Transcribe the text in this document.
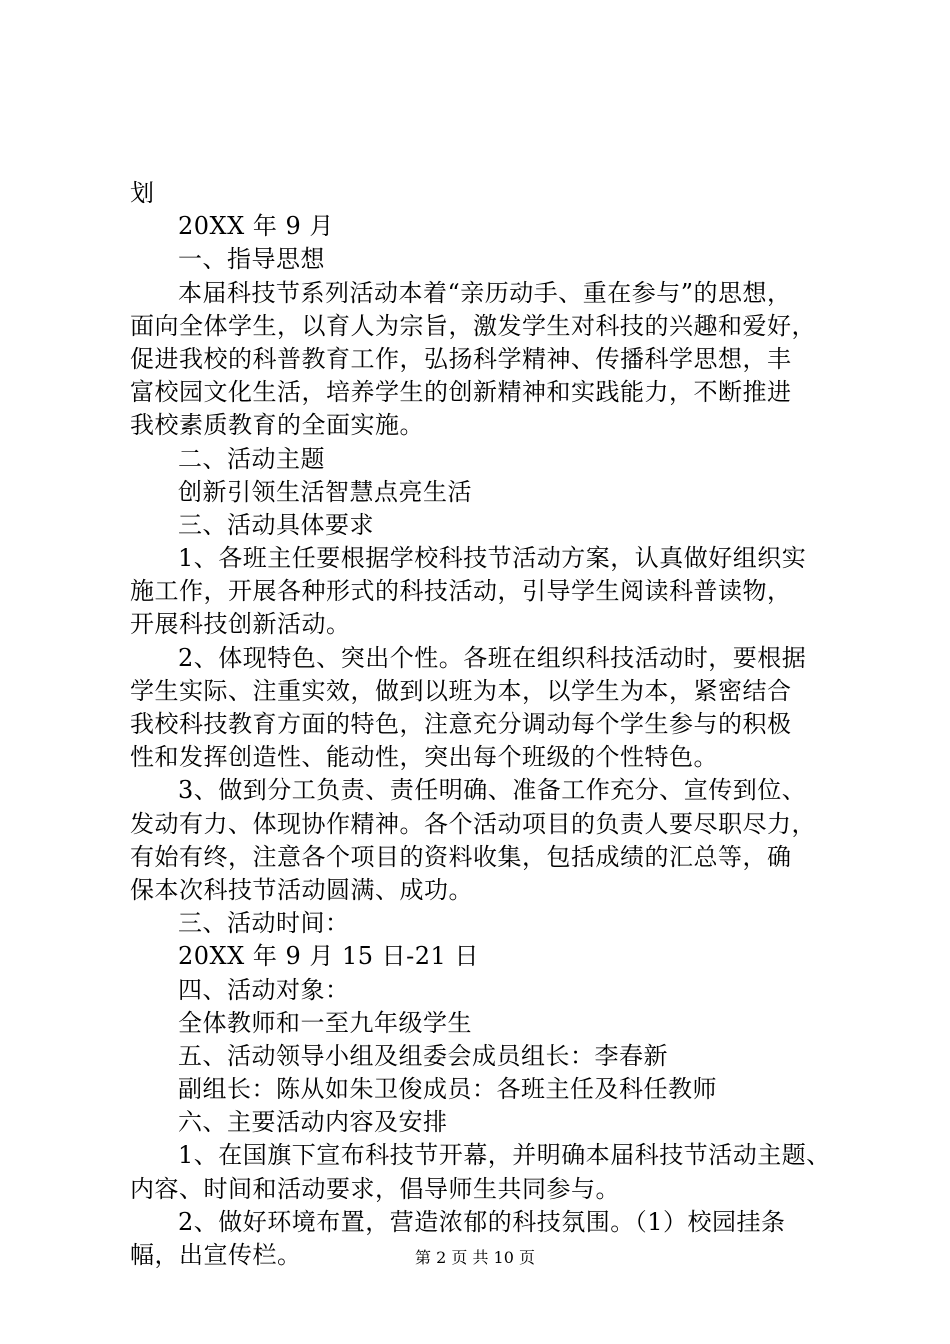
划
20XX 年 9 月
一、指导思想
本届科技节系列活动本着“亲历动手、重在参与”的思想，
面向全体学生，以育人为宗旨，激发学生对科技的兴趣和爱好，
促进我校的科普教育工作，弘扬科学精神、传播科学思想，丰
富校园文化生活，培养学生的创新精神和实践能力，不断推进
我校素质教育的全面实施。
二、活动主题
创新引领生活智慧点亮生活
三、活动具体要求
1、各班主任要根据学校科技节活动方案，认真做好组织实
施工作，开展各种形式的科技活动，引导学生阅读科普读物，
开展科技创新活动。
2、体现特色、突出个性。各班在组织科技活动时，要根据
学生实际、注重实效，做到以班为本，以学生为本，紧密结合
我校科技教育方面的特色，注意充分调动每个学生参与的积极
性和发挥创造性、能动性，突出每个班级的个性特色。
3、做到分工负责、责任明确、准备工作充分、宣传到位、
发动有力、体现协作精神。各个活动项目的负责人要尽职尽力，
有始有终，注意各个项目的资料收集，包括成绩的汇总等，确
保本次科技节活动圆满、成功。
三、活动时间：
20XX 年 9 月 15 日-21 日
四、活动对象：
全体教师和一至九年级学生
五、活动领导小组及组委会成员组长：李春新
副组长：陈从如朱卫俊成员：各班主任及科任教师
六、主要活动内容及安排
1、在国旗下宣布科技节开幕，并明确本届科技节活动主题、
内容、时间和活动要求，倡导师生共同参与。
2、做好环境布置，营造浓郁的科技氛围。（1）校园挂条
幅，出宣传栏。	第 2 页 共 10 页
